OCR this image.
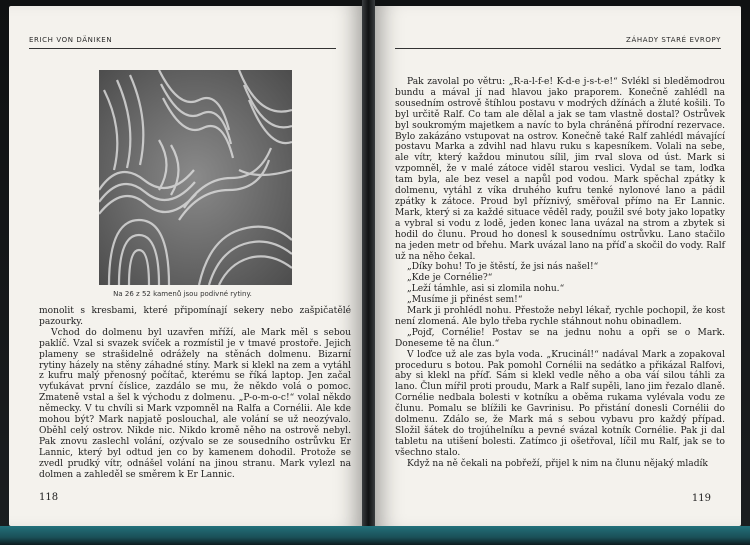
ERICH VON DÄNIKEN
Na 26 z 52 kamenů jsou podivné rytiny.

monolit s kresbami, které připomínají sekery nebo zašpičatělé pazourky.

Vchod do dolmenu byl uzavřen mříží, ale Mark měl s sebou paklíč. Vzal si svazek svíček a rozmístil je v tmavé prostoře. Jejich plameny se strašidelně odrážely na stěnách dolmenu. Bizarní rytiny házely na stěny záhadné stíny. Mark si klekl na zem a vytáhl z kufru malý přenosný počítač, kterému se říká laptop. Jen začal vyťukávat první číslice, zazdálo se mu, že někdo volá o pomoc. Zmateně vstal a šel k východu z dolmenu. „P-o-m-o-c!“ volal někdo německy. V tu chvíli si Mark vzpomněl na Ralfa a Cornélii. Ale kde mohou být? Mark napjatě poslouchal, ale volání se už neozývalo. Oběhl celý ostrov. Nikde nic. Nikdo kromě něho na ostrově nebyl. Pak znovu zaslechl volání, ozývalo se ze sousedního ostrůvku Er Lannic, který byl odtud jen co by kamenem dohodil. Protože se zvedl prudký vítr, odnášel volání na jinou stranu. Mark vylezl na dolmen a zahleděl se směrem k Er Lannic.

118
ZÁHADY STARÉ EVROPY

Pak zavolal po větru: „R-a-l-f-e! K-d-e j-s-t-e!“ Svlékl si bleděmodrou bundu a mával jí nad hlavou jako praporem. Konečně zahlédl na sousedním ostrově štíhlou postavu v modrých džínách a žluté košili. To byl určitě Ralf. Co tam ale dělal a jak se tam vlastně dostal? Ostrůvek byl soukromým majetkem a navíc to byla chráněná přírodní rezervace. Bylo zakázáno vstupovat na ostrov. Konečně také Ralf zahlédl mávající postavu Marka a zdvihl nad hlavu ruku s kapesníkem. Volali na sebe, ale vítr, který každou minutou sílil, jim rval slova od úst. Mark si vzpomněl, že v malé zátoce viděl starou veslici. Vydal se tam, loďka tam byla, ale bez vesel a napůl pod vodou. Mark spěchal zpátky k dolmenu, vytáhl z víka druhého kufru tenké nylonové lano a pádil zpátky k zátoce. Proud byl příznivý, směřoval přímo na Er Lannic. Mark, který si za každé situace věděl rady, použil své boty jako lopatky a vybral si vodu z lodě, jeden konec lana uvázal na strom a zbytek si hodil do člunu. Proud ho donesl k sousednímu ostrůvku. Lano stačilo na jeden metr od břehu. Mark uvázal lano na příď a skočil do vody. Ralf už na něho čekal.

„Díky bohu! To je štěstí, že jsi nás našel!“

„Kde je Cornélie?“

„Leží támhle, asi si zlomila nohu.“

„Musíme ji přinést sem!“

Mark ji prohlédl nohu. Přestože nebyl lékař, rychle pochopil, že kost není zlomená. Ale bylo třeba rychle stáhnout nohu obinadlem.

„Pojď, Cornélie! Postav se na jednu nohu a opři se o Mark. Doneseme tě na člun.“

V loďce už ale zas byla voda. „Krucinál!“ nadával Mark a zopakoval proceduru s botou. Pak pomohl Cornélii na sedátko a přikázal Ralfovi, aby si klekl na příď. Sám si klekl vedle něho a oba váí silou táhli za lano. Člun mířil proti proudu, Mark a Ralf supěli, lano jim řezalo dlaně. Cornélie nedbala bolesti v kotníku a oběma rukama vylévala vodu ze člunu. Pomalu se blížili ke Gavrinisu. Po přistání donesli Cornélii do dolmenu. Zdálo se, že Mark má s sebou vybavu pro každý případ. Složil šátek do trojúhelníku a pevné svázal kotník Cornélie. Pak ji dal tabletu na utišení bolesti. Zatímco ji ošetřoval, líčil mu Ralf, jak se to všechno stalo.

Když na ně čekali na pobřeží, přijel k nim na člunu nějaký mladík

119
